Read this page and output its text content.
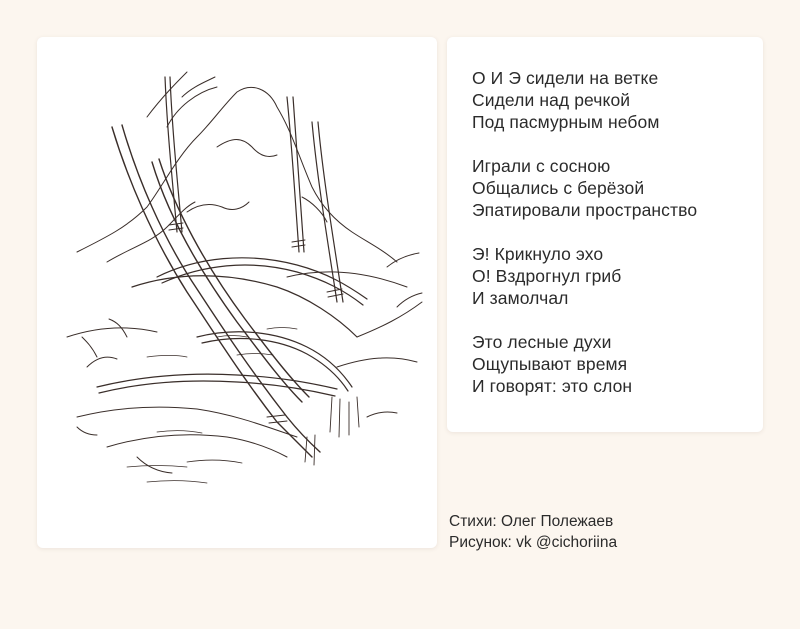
О И Э сидели на ветке
Сидели над речкой
Под пасмурным небом
Играли с сосною
Общались с берёзой
Эпатировали пространство
Э! Крикнуло эхо
О! Вздрогнул гриб
И замолчал
Это лесные духи
Ощупывают время
И говорят: это слон
Стихи: Олег Полежаев
Рисунок: vk @cichoriina
